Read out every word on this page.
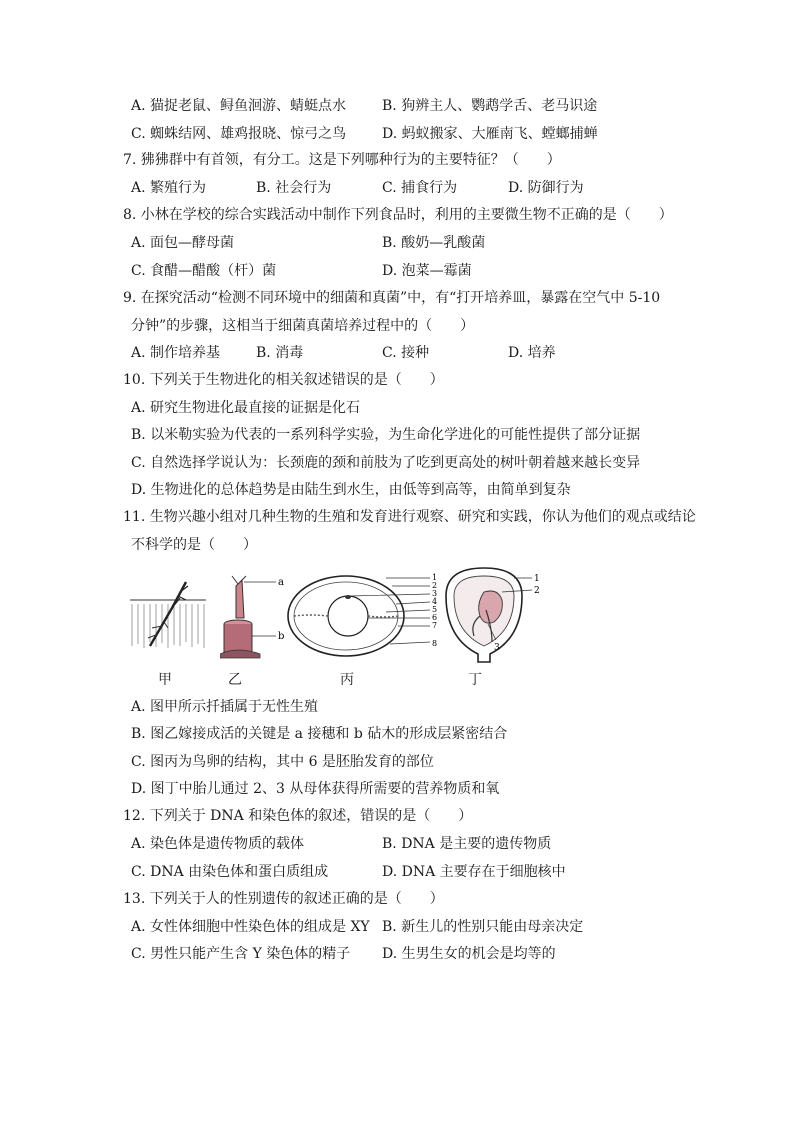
A. 猫捉老鼠、鲟鱼洄游、蜻蜓点水	B. 狗辨主人、鹦鹉学舌、老马识途
C. 蜘蛛结网、雄鸡报晓、惊弓之鸟	D. 蚂蚁搬家、大雁南飞、螳螂捕蝉
7. 狒狒群中有首领，有分工。这是下列哪种行为的主要特征？（　　）
A. 繁殖行为	B. 社会行为	C. 捕食行为	D. 防御行为
8. 小林在学校的综合实践活动中制作下列食品时，利用的主要微生物不正确的是（　　）
A. 面包—酵母菌	B. 酸奶—乳酸菌
C. 食醋—醋酸（杆）菌	D. 泡菜—霉菌
9. 在探究活动“检测不同环境中的细菌和真菌”中，有“打开培养皿，暴露在空气中 5-10
分钟”的步骤，这相当于细菌真菌培养过程中的（　　）
A. 制作培养基	B. 消毒	C. 接种	D. 培养
10. 下列关于生物进化的相关叙述错误的是（　　）
A. 研究生物进化最直接的证据是化石
B. 以米勒实验为代表的一系列科学实验，为生命化学进化的可能性提供了部分证据
C. 自然选择学说认为：长颈鹿的颈和前肢为了吃到更高处的树叶朝着越来越长变异
D. 生物进化的总体趋势是由陆生到水生，由低等到高等，由简单到复杂
11. 生物兴趣小组对几种生物的生殖和发育进行观察、研究和实践，你认为他们的观点或结论
不科学的是（　　）
a
b
1
2
3
4
5
6
7
8
1
2
3
甲	乙	丙	丁
A. 图甲所示扦插属于无性生殖
B. 图乙嫁接成活的关键是 a 接穗和 b 砧木的形成层紧密结合
C. 图丙为鸟卵的结构，其中 6 是胚胎发育的部位
D. 图丁中胎儿通过 2、3 从母体获得所需要的营养物质和氧
12. 下列关于 DNA 和染色体的叙述，错误的是（　　）
A. 染色体是遗传物质的载体	B. DNA 是主要的遗传物质
C. DNA 由染色体和蛋白质组成	D. DNA 主要存在于细胞核中
13. 下列关于人的性别遗传的叙述正确的是（　　）
A. 女性体细胞中性染色体的组成是 XY B. 新生儿的性别只能由母亲决定
C. 男性只能产生含 Y 染色体的精子 D. 生男生女的机会是均等的
